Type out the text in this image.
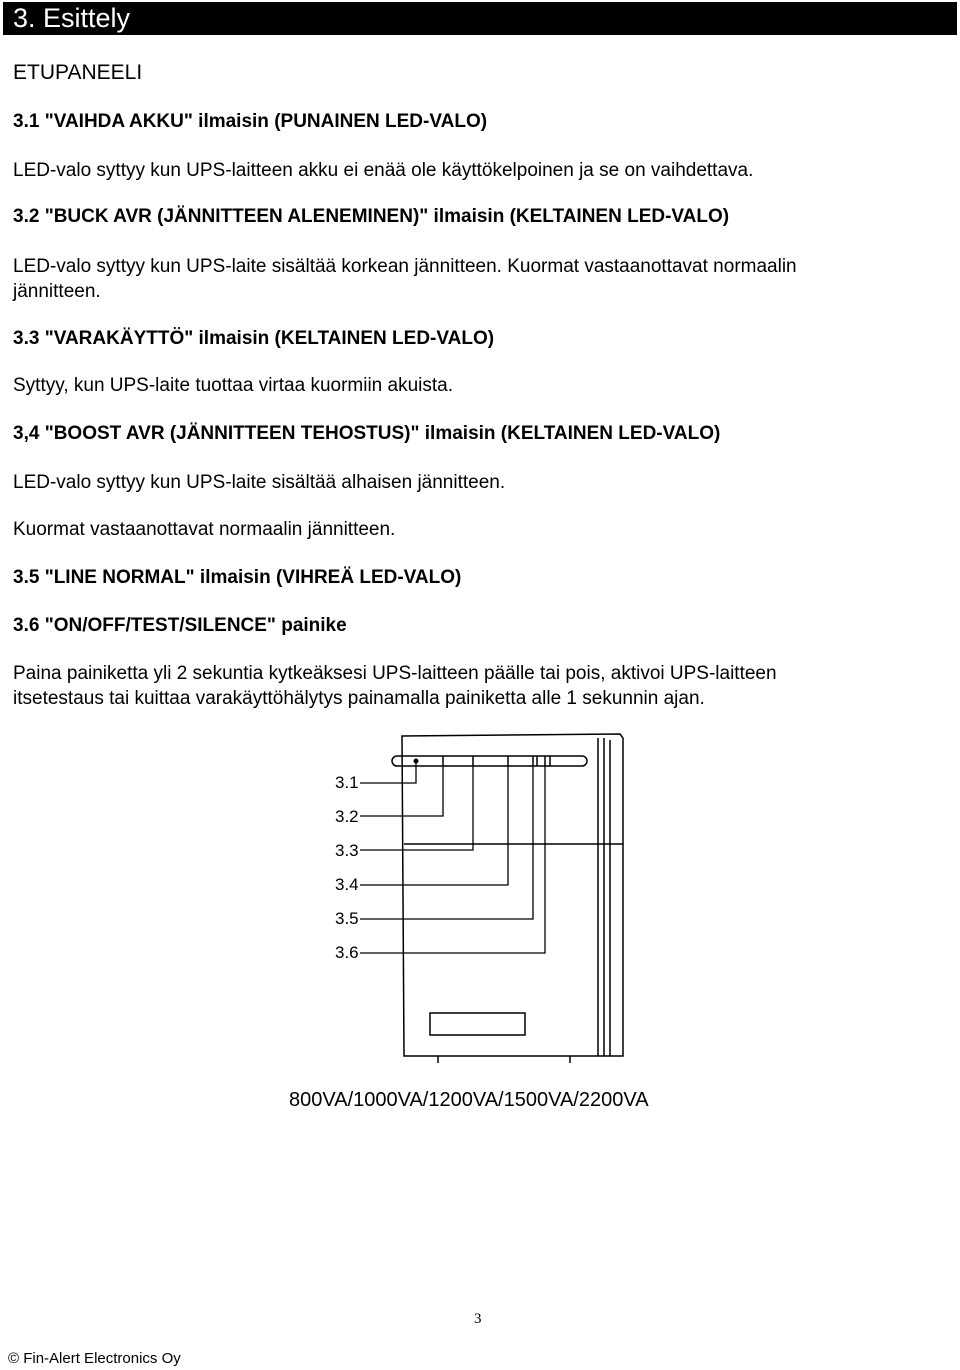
3. Esittely
ETUPANEELI
3.1 "VAIHDA AKKU" ilmaisin (PUNAINEN LED-VALO)
LED-valo syttyy kun UPS-laitteen akku ei enää ole käyttökelpoinen ja se on vaihdettava.
3.2 "BUCK AVR (JÄNNITTEEN ALENEMINEN)" ilmaisin (KELTAINEN LED-VALO)
LED-valo syttyy kun UPS-laite sisältää korkean jännitteen. Kuormat vastaanottavat normaalin
jännitteen.
3.3 "VARAKÄYTTÖ" ilmaisin (KELTAINEN LED-VALO)
Syttyy, kun UPS-laite tuottaa virtaa kuormiin akuista.
3,4 "BOOST AVR (JÄNNITTEEN TEHOSTUS)" ilmaisin (KELTAINEN LED-VALO)
LED-valo syttyy kun UPS-laite sisältää alhaisen jännitteen.
Kuormat vastaanottavat normaalin jännitteen.
3.5 "LINE NORMAL" ilmaisin (VIHREÄ LED-VALO)
3.6 "ON/OFF/TEST/SILENCE" painike
Paina painiketta yli 2 sekuntia kytkeäksesi UPS-laitteen päälle tai pois, aktivoi UPS-laitteen
itsetestaus tai kuittaa varakäyttöhälytys painamalla painiketta alle 1 sekunnin ajan.
3.1
3.2
3.3
3.4
3.5
3.6
800VA/1000VA/1200VA/1500VA/2200VA
3
© Fin-Alert Electronics Oy
